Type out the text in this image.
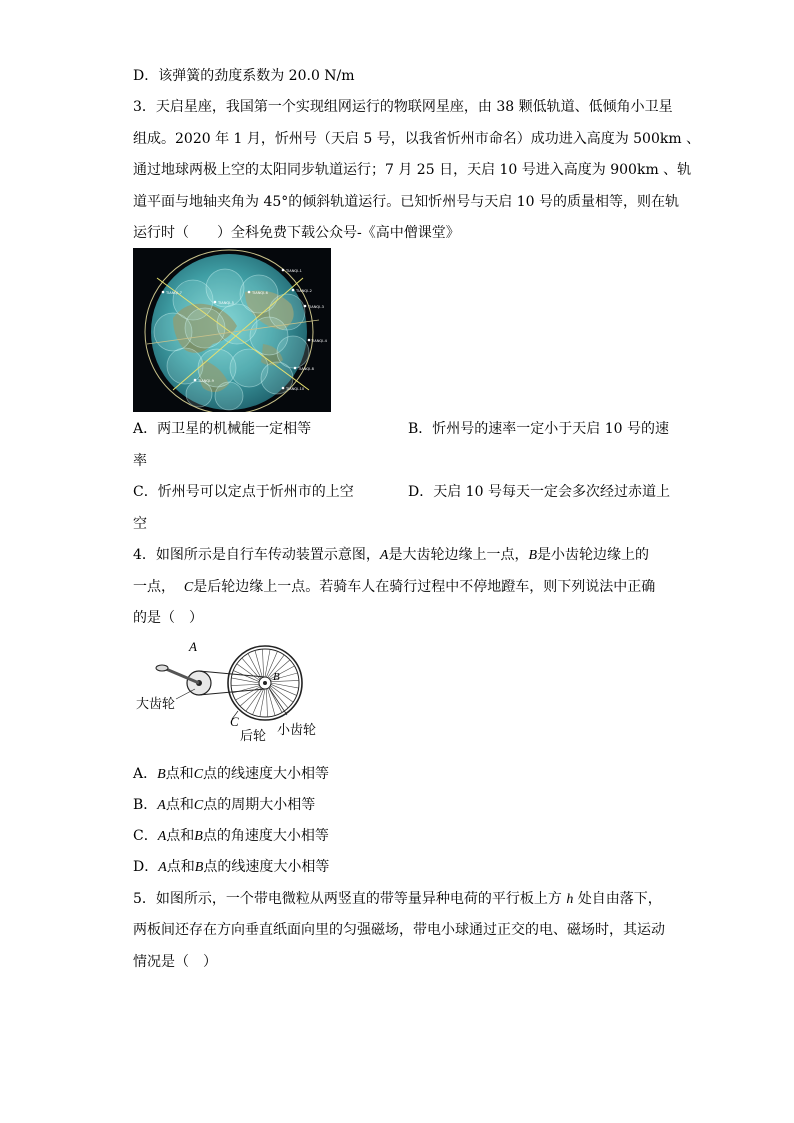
D．该弹簧的劲度系数为 20.0 N/m
3．天启星座，我国第一个实现组网运行的物联网星座，由 38 颗低轨道、低倾角小卫星
组成。2020 年 1 月，忻州号（天启 5 号，以我省忻州市命名）成功进入高度为 500km 、
通过地球两极上空的太阳同步轨道运行；7 月 25 日，天启 10 号进入高度为 900km 、轨
道平面与地轴夹角为 45°的倾斜轨道运行。已知忻州号与天启 10 号的质量相等，则在轨
运行时（　　）全科免费下载公众号-《高中僧课堂》
TIANQI-1
TIANQI-2
TIANQI-3
TIANQI-4
TIANQI-5
TIANQI-6
TIANQI-7
TIANQI-8
TIANQI-9
TIANQI-10
A．两卫星的机械能一定相等	B．忻州号的速率一定小于天启 10 号的速
率
C．忻州号可以定点于忻州市的上空	D．天启 10 号每天一定会多次经过赤道上
空
4．如图所示是自行车传动装置示意图，A是大齿轮边缘上一点，B是小齿轮边缘上的
一点， C是后轮边缘上一点。若骑车人在骑行过程中不停地蹬车，则下列说法中正确
的是（　）
A
B
C
大齿轮
后轮 小齿轮
A．B点和C点的线速度大小相等
B．A点和C点的周期大小相等
C．A点和B点的角速度大小相等
D．A点和B点的线速度大小相等
5．如图所示，一个带电微粒从两竖直的带等量异种电荷的平行板上方 h 处自由落下，
两板间还存在方向垂直纸面向里的匀强磁场，带电小球通过正交的电、磁场时，其运动
情况是（　）
